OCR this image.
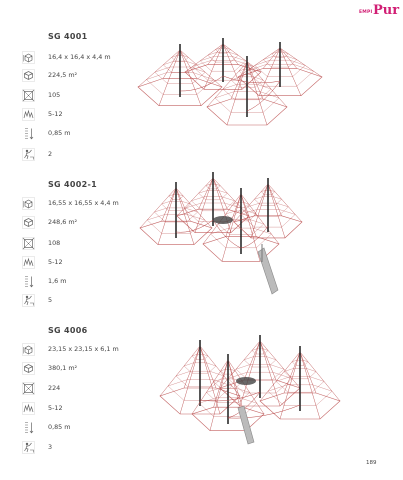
EMPI Pur
SG 4001
16,4 x 16,4 x 4,4 m
224,5 m²
105
5-12
0,85 m
2
SG 4002-1
16,55 x 16,55 x 4,4 m
248,6 m²
108
5-12
1,6 m
5
SG 4006
23,15 x 23,15 x 6,1 m
380,1 m²
224
5-12
0,85 m
3
189
